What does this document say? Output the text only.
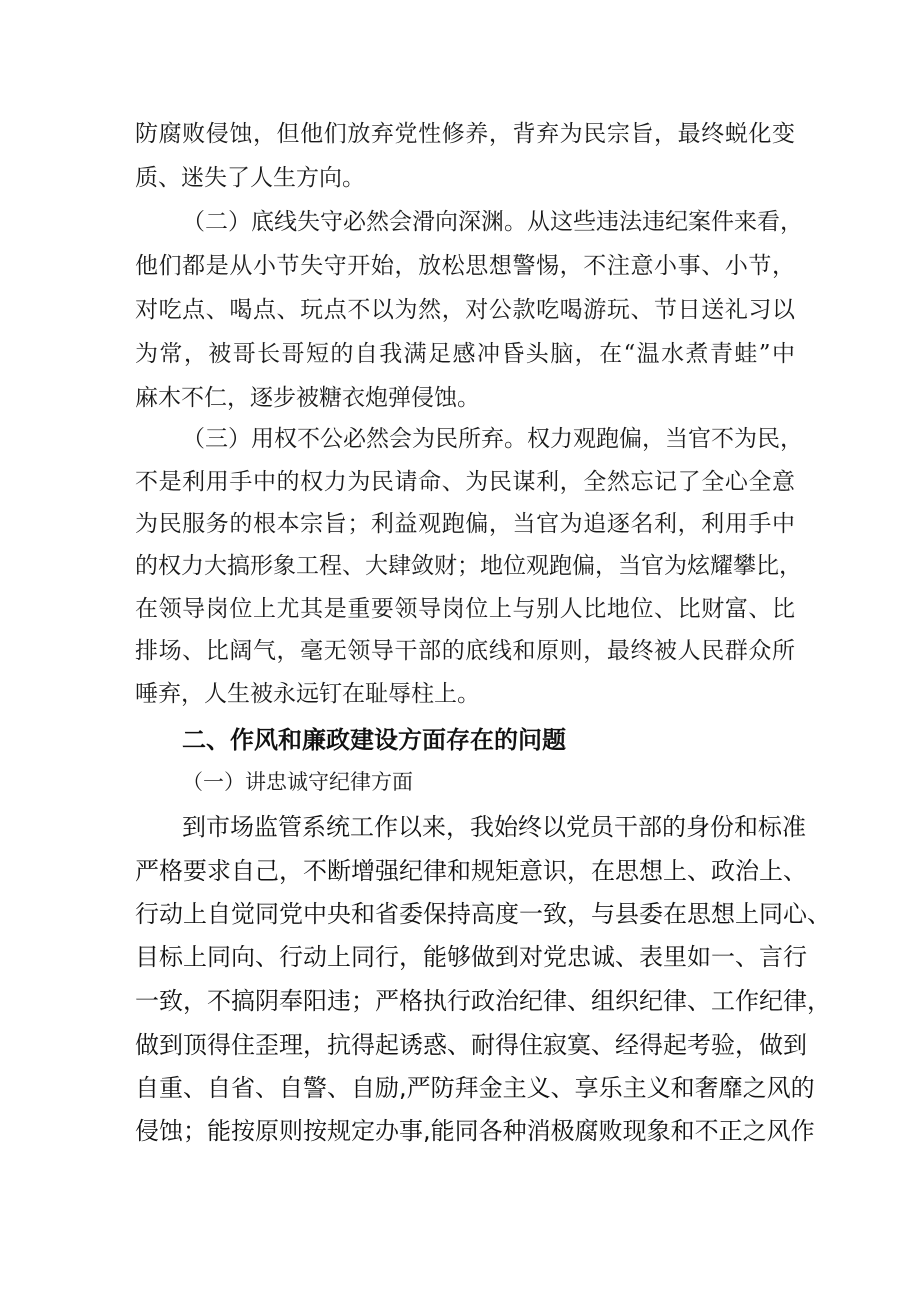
防腐败侵蚀，但他们放弃党性修养，背弃为民宗旨，最终蜕化变
质、迷失了人生方向。
（二）底线失守必然会滑向深渊。从这些违法违纪案件来看，
他们都是从小节失守开始，放松思想警惕，不注意小事、小节，
对吃点、喝点、玩点不以为然，对公款吃喝游玩、节日送礼习以
为常，被哥长哥短的自我满足感冲昏头脑，在“温水煮青蛙”中
麻木不仁，逐步被糖衣炮弹侵蚀。
（三）用权不公必然会为民所弃。权力观跑偏，当官不为民，
不是利用手中的权力为民请命、为民谋利，全然忘记了全心全意
为民服务的根本宗旨；利益观跑偏，当官为追逐名利，利用手中
的权力大搞形象工程、大肆敛财；地位观跑偏，当官为炫耀攀比，
在领导岗位上尤其是重要领导岗位上与别人比地位、比财富、比
排场、比阔气，毫无领导干部的底线和原则，最终被人民群众所
唾弃，人生被永远钉在耻辱柱上。
二、作风和廉政建设方面存在的问题
（一）讲忠诚守纪律方面
到市场监管系统工作以来，我始终以党员干部的身份和标准
严格要求自己，不断增强纪律和规矩意识，在思想上、政治上、
行动上自觉同党中央和省委保持高度一致，与县委在思想上同心、
目标上同向、行动上同行，能够做到对党忠诚、表里如一、言行
一致，不搞阴奉阳违；严格执行政治纪律、组织纪律、工作纪律，
做到顶得住歪理，抗得起诱惑、耐得住寂寞、经得起考验，做到
自重、自省、自警、自励,严防拜金主义、享乐主义和奢靡之风的
侵蚀；能按原则按规定办事,能同各种消极腐败现象和不正之风作
